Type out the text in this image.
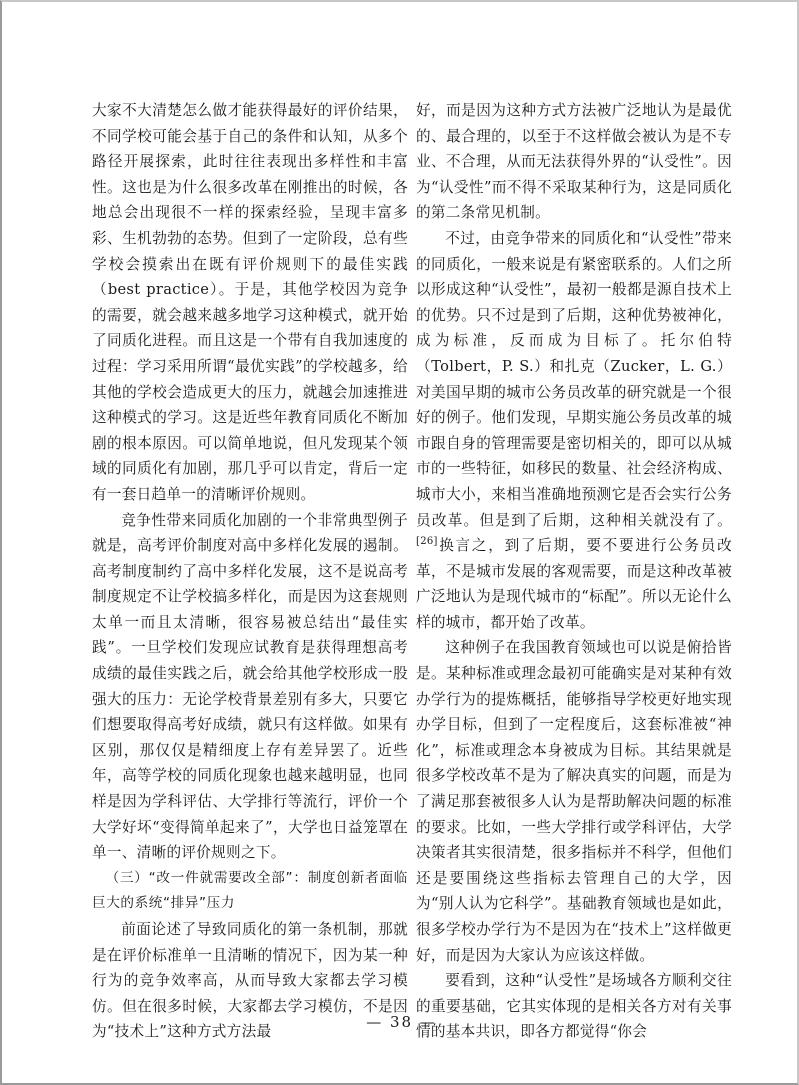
大家不大清楚怎么做才能获得最好的评价结果，不同学校可能会基于自己的条件和认知，从多个路径开展探索，此时往往表现出多样性和丰富性。这也是为什么很多改革在刚推出的时候，各地总会出现很不一样的探索经验，呈现丰富多彩、生机勃勃的态势。但到了一定阶段，总有些学校会摸索出在既有评价规则下的最佳实践（best practice）。于是，其他学校因为竞争的需要，就会越来越多地学习这种模式，就开始了同质化进程。而且这是一个带有自我加速度的过程：学习采用所谓“最优实践”的学校越多，给其他的学校会造成更大的压力，就越会加速推进这种模式的学习。这是近些年教育同质化不断加剧的根本原因。可以简单地说，但凡发现某个领域的同质化有加剧，那几乎可以肯定，背后一定有一套日趋单一的清晰评价规则。

竞争性带来同质化加剧的一个非常典型例子就是，高考评价制度对高中多样化发展的遏制。高考制度制约了高中多样化发展，这不是说高考制度规定不让学校搞多样化，而是因为这套规则太单一而且太清晰，很容易被总结出“最佳实践”。一旦学校们发现应试教育是获得理想高考成绩的最佳实践之后，就会给其他学校形成一股强大的压力：无论学校背景差别有多大，只要它们想要取得高考好成绩，就只有这样做。如果有区别，那仅仅是精细度上存有差异罢了。近些年，高等学校的同质化现象也越来越明显，也同样是因为学科评估、大学排行等流行，评价一个大学好坏“变得简单起来了”，大学也日益笼罩在单一、清晰的评价规则之下。

（三）“改一件就需要改全部”：制度创新者面临巨大的系统“排异”压力

前面论述了导致同质化的第一条机制，那就是在评价标准单一且清晰的情况下，因为某一种行为的竞争效率高，从而导致大家都去学习模仿。但在很多时候，大家都去学习模仿，不是因为“技术上”这种方式方法最

好，而是因为这种方式方法被广泛地认为是最优的、最合理的，以至于不这样做会被认为是不专业、不合理，从而无法获得外界的“认受性”。因为“认受性”而不得不采取某种行为，这是同质化的第二条常见机制。

不过，由竞争带来的同质化和“认受性”带来的同质化，一般来说是有紧密联系的。人们之所以形成这种“认受性”，最初一般都是源自技术上的优势。只不过是到了后期，这种优势被神化，成为标准，反而成为目标了。托尔伯特（Tolbert，P. S.）和扎克（Zucker，L. G.）对美国早期的城市公务员改革的研究就是一个很好的例子。他们发现，早期实施公务员改革的城市跟自身的管理需要是密切相关的，即可以从城市的一些特征，如移民的数量、社会经济构成、城市大小，来相当准确地预测它是否会实行公务员改革。但是到了后期，这种相关就没有了。[26]换言之，到了后期，要不要进行公务员改革，不是城市发展的客观需要，而是这种改革被广泛地认为是现代城市的“标配”。所以无论什么样的城市，都开始了改革。

这种例子在我国教育领域也可以说是俯拾皆是。某种标准或理念最初可能确实是对某种有效办学行为的提炼概括，能够指导学校更好地实现办学目标，但到了一定程度后，这套标准被“神化”，标准或理念本身被成为目标。其结果就是很多学校改革不是为了解决真实的问题，而是为了满足那套被很多人认为是帮助解决问题的标准的要求。比如，一些大学排行或学科评估，大学决策者其实很清楚，很多指标并不科学，但他们还是要围绕这些指标去管理自己的大学，因为“别人认为它科学”。基础教育领域也是如此，很多学校办学行为不是因为在“技术上”这样做更好，而是因为大家认为应该这样做。

要看到，这种“认受性”是场域各方顺利交往的重要基础，它其实体现的是相关各方对有关事情的基本共识，即各方都觉得“你会

— 38 —
